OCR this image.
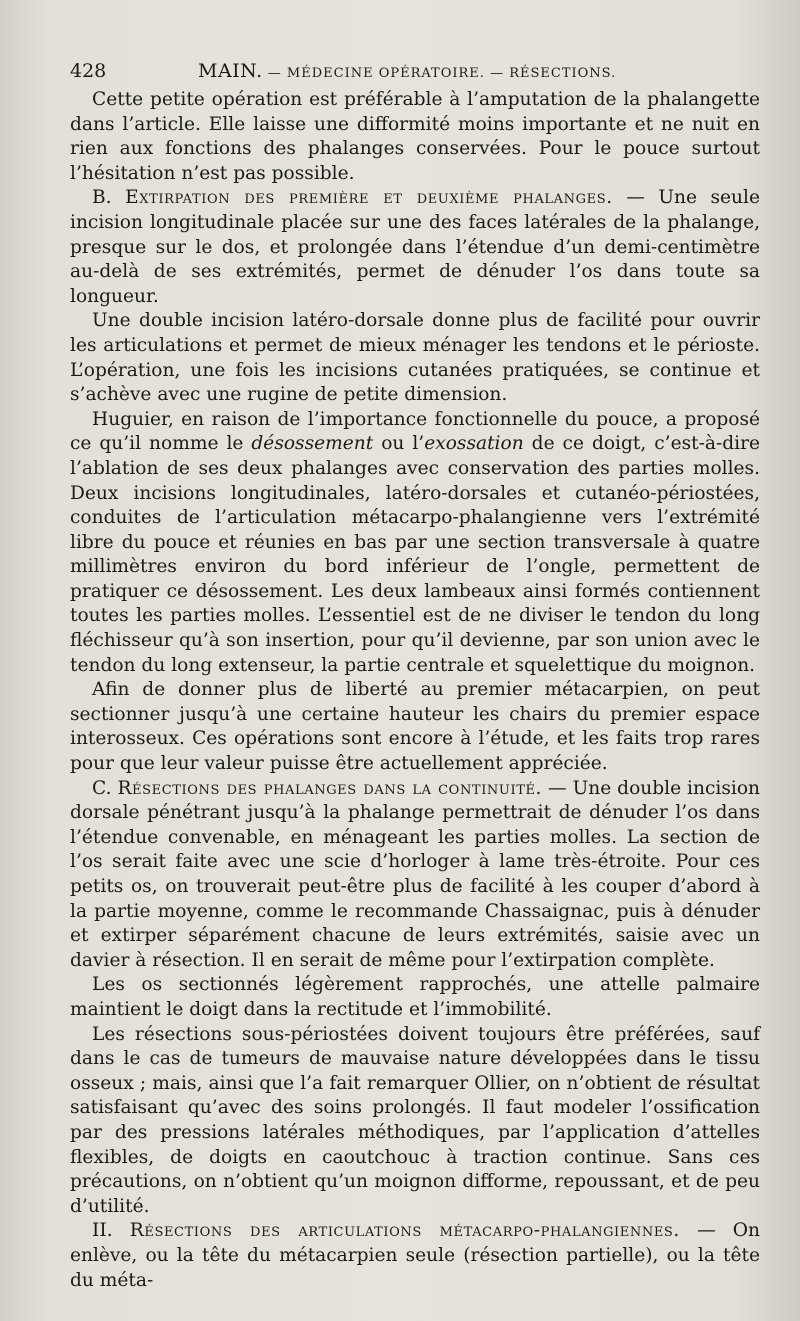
428	MAIN. — MÉDECINE OPÉRATOIRE. — RÉSECTIONS.

Cette petite opération est préférable à l’amputation de la phalangette dans l’article. Elle laisse une difformité moins importante et ne nuit en rien aux fonctions des phalanges conservées. Pour le pouce surtout l’hésitation n’est pas possible.

B. Extirpation des première et deuxième phalanges. — Une seule incision longitudinale placée sur une des faces latérales de la phalange, presque sur le dos, et prolongée dans l’étendue d’un demi-centimètre au-delà de ses extrémités, permet de dénuder l’os dans toute sa longueur.

Une double incision latéro-dorsale donne plus de facilité pour ouvrir les articulations et permet de mieux ménager les tendons et le périoste. L’opération, une fois les incisions cutanées pratiquées, se continue et s’achève avec une rugine de petite dimension.

Huguier, en raison de l’importance fonctionnelle du pouce, a proposé ce qu’il nomme le désossement ou l’exossation de ce doigt, c’est-à-dire l’ablation de ses deux phalanges avec conservation des parties molles. Deux incisions longitudinales, latéro-dorsales et cutanéo-périostées, conduites de l’articulation métacarpo-phalangienne vers l’extrémité libre du pouce et réunies en bas par une section transversale à quatre millimètres environ du bord inférieur de l’ongle, permettent de pratiquer ce désossement. Les deux lambeaux ainsi formés contiennent toutes les parties molles. L’essentiel est de ne diviser le tendon du long fléchisseur qu’à son insertion, pour qu’il devienne, par son union avec le tendon du long extenseur, la partie centrale et squelettique du moignon.

Afin de donner plus de liberté au premier métacarpien, on peut sectionner jusqu’à une certaine hauteur les chairs du premier espace interosseux. Ces opérations sont encore à l’étude, et les faits trop rares pour que leur valeur puisse être actuellement appréciée.

C. Résections des phalanges dans la continuité. — Une double incision dorsale pénétrant jusqu’à la phalange permettrait de dénuder l’os dans l’étendue convenable, en ménageant les parties molles. La section de l’os serait faite avec une scie d’horloger à lame très-étroite. Pour ces petits os, on trouverait peut-être plus de facilité à les couper d’abord à la partie moyenne, comme le recommande Chassaignac, puis à dénuder et extirper séparément chacune de leurs extrémités, saisie avec un davier à résection. Il en serait de même pour l’extirpation complète.

Les os sectionnés légèrement rapprochés, une attelle palmaire maintient le doigt dans la rectitude et l’immobilité.

Les résections sous-périostées doivent toujours être préférées, sauf dans le cas de tumeurs de mauvaise nature développées dans le tissu osseux ; mais, ainsi que l’a fait remarquer Ollier, on n’obtient de résultat satisfaisant qu’avec des soins prolongés. Il faut modeler l’ossification par des pressions latérales méthodiques, par l’application d’attelles flexibles, de doigts en caoutchouc à traction continue. Sans ces précautions, on n’obtient qu’un moignon difforme, repoussant, et de peu d’utilité.

II. Résections des articulations métacarpo-phalangiennes. — On enlève, ou la tête du métacarpien seule (résection partielle), ou la tête du méta-
